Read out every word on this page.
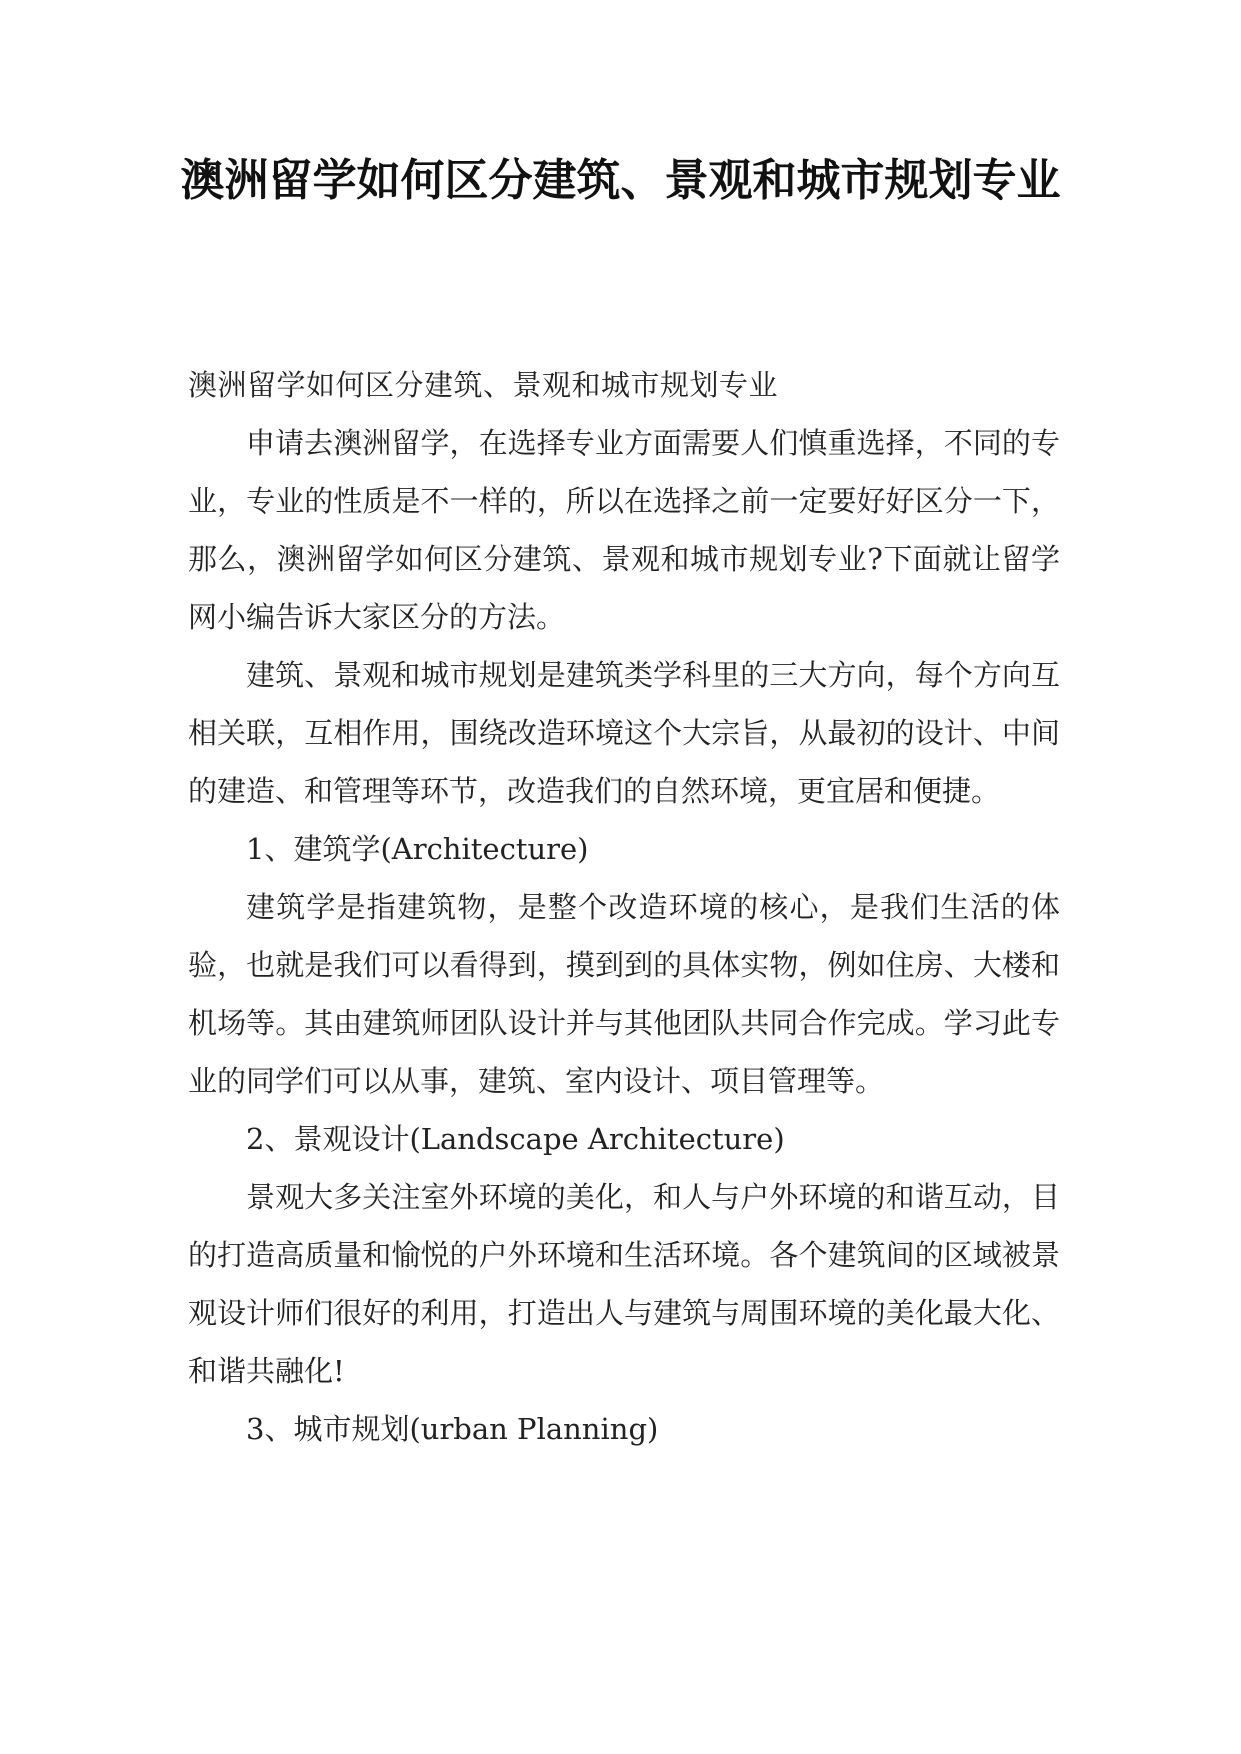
澳洲留学如何区分建筑、景观和城市规划专业

澳洲留学如何区分建筑、景观和城市规划专业

申请去澳洲留学，在选择专业方面需要人们慎重选择，不同的专业，专业的性质是不一样的，所以在选择之前一定要好好区分一下，那么，澳洲留学如何区分建筑、景观和城市规划专业?下面就让留学网小编告诉大家区分的方法。

建筑、景观和城市规划是建筑类学科里的三大方向，每个方向互相关联，互相作用，围绕改造环境这个大宗旨，从最初的设计、中间的建造、和管理等环节，改造我们的自然环境，更宜居和便捷。

1、建筑学(Architecture)

建筑学是指建筑物，是整个改造环境的核心，是我们生活的体验，也就是我们可以看得到，摸到到的具体实物，例如住房、大楼和机场等。其由建筑师团队设计并与其他团队共同合作完成。学习此专业的同学们可以从事，建筑、室内设计、项目管理等。

2、景观设计(Landscape Architecture)

景观大多关注室外环境的美化，和人与户外环境的和谐互动，目的打造高质量和愉悦的户外环境和生活环境。各个建筑间的区域被景观设计师们很好的利用，打造出人与建筑与周围环境的美化最大化、和谐共融化!

3、城市规划(urban Planning)
